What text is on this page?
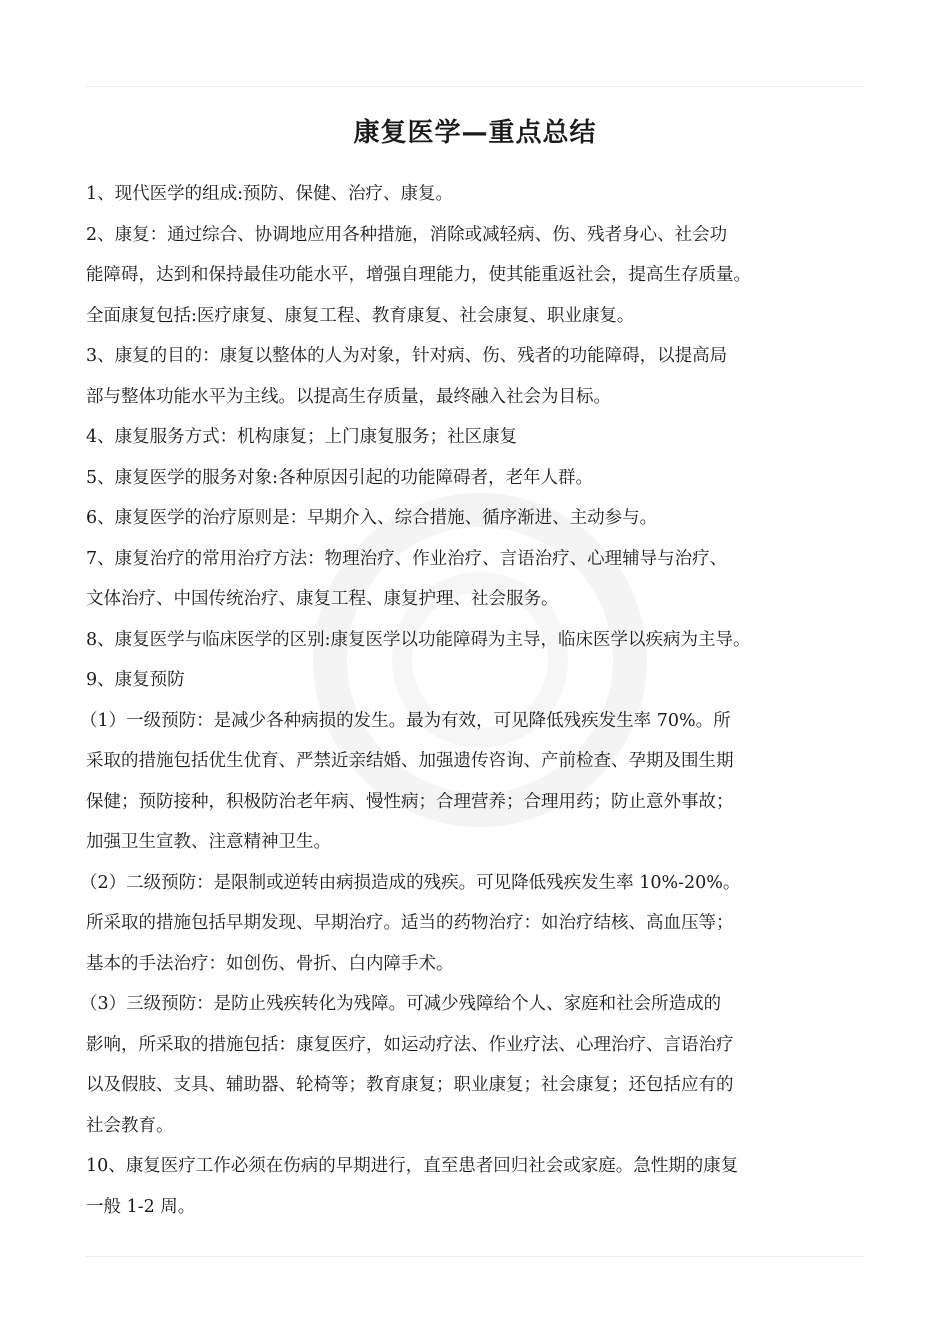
康复医学—重点总结

1、现代医学的组成:预防、保健、治疗、康复。

2、康复：通过综合、协调地应用各种措施，消除或减轻病、伤、残者身心、社会功

能障碍，达到和保持最佳功能水平，增强自理能力，使其能重返社会，提高生存质量。

全面康复包括:医疗康复、康复工程、教育康复、社会康复、职业康复。

3、康复的目的：康复以整体的人为对象，针对病、伤、残者的功能障碍，以提高局

部与整体功能水平为主线。以提高生存质量，最终融入社会为目标。

4、康复服务方式：机构康复；上门康复服务；社区康复

5、康复医学的服务对象:各种原因引起的功能障碍者，老年人群。

6、康复医学的治疗原则是：早期介入、综合措施、循序渐进、主动参与。

7、康复治疗的常用治疗方法：物理治疗、作业治疗、言语治疗、心理辅导与治疗、

文体治疗、中国传统治疗、康复工程、康复护理、社会服务。

8、康复医学与临床医学的区别:康复医学以功能障碍为主导，临床医学以疾病为主导。

9、康复预防

（1）一级预防：是减少各种病损的发生。最为有效，可见降低残疾发生率 70%。所

采取的措施包括优生优育、严禁近亲结婚、加强遗传咨询、产前检查、孕期及围生期

保健；预防接种，积极防治老年病、慢性病；合理营养；合理用药；防止意外事故；

加强卫生宣教、注意精神卫生。

（2）二级预防：是限制或逆转由病损造成的残疾。可见降低残疾发生率 10%-20%。

所采取的措施包括早期发现、早期治疗。适当的药物治疗：如治疗结核、高血压等；

基本的手法治疗：如创伤、骨折、白内障手术。

（3）三级预防：是防止残疾转化为残障。可减少残障给个人、家庭和社会所造成的

影响，所采取的措施包括：康复医疗，如运动疗法、作业疗法、心理治疗、言语治疗

以及假肢、支具、辅助器、轮椅等；教育康复；职业康复；社会康复；还包括应有的

社会教育。

10、康复医疗工作必须在伤病的早期进行，直至患者回归社会或家庭。急性期的康复

一般 1-2 周。
